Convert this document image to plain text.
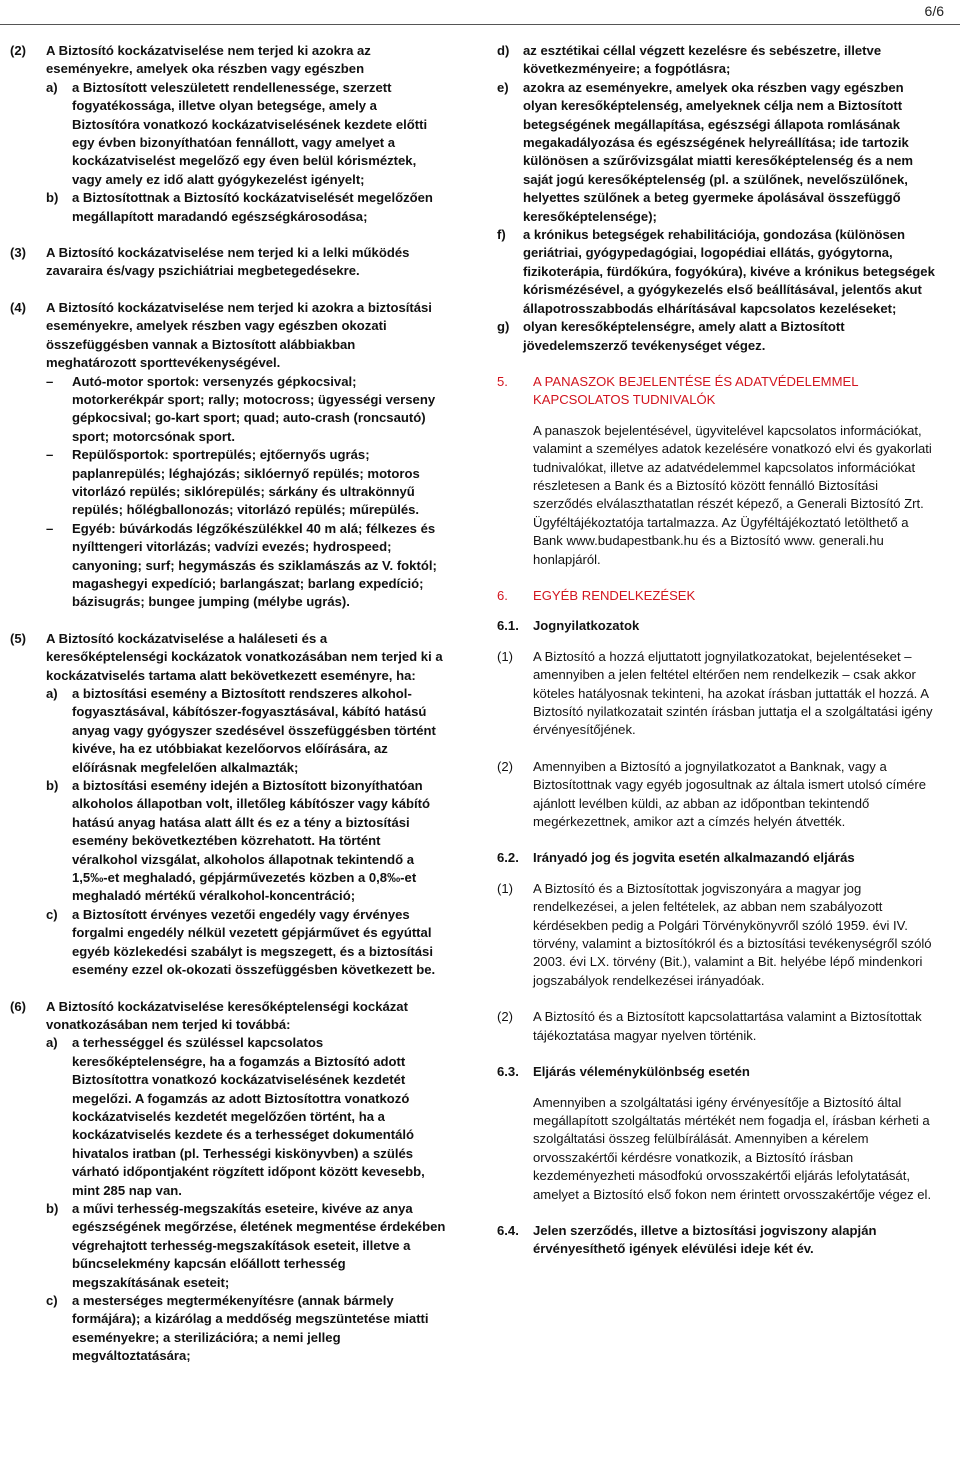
6/6
(2)	A Biztosító kockázatviselése nem terjed ki azokra az eseményekre, amelyek oka részben vagy egészben

a)	a Biztosított veleszületett rendellenessége, szerzett fogyatékossága, illetve olyan betegsége, amely a Biztosítóra vonatkozó kockázatviselésének kezdete előtti egy évben bizonyíthatóan fennállott, vagy amelyet a kockázatviselést megelőző egy éven belül kórisméztek, vagy amely ez idő alatt gyógykezelést igényelt;
b)	a Biztosítottnak a Biztosító kockázatviselését megelőzően megállapított maradandó egészségkárosodása;
(3)	A Biztosító kockázatviselése nem terjed ki a lelki működés zavaraira és/vagy pszichiátriai megbetegedésekre.

(4)	A Biztosító kockázatviselése nem terjed ki azokra a biztosítási eseményekre, amelyek részben vagy egészben okozati összefüggésben vannak a Biztosított alábbiakban meghatározott sporttevékenységével.

–	Autó-motor sportok: versenyzés gépkocsival; motorkerékpár sport; rally; motocross; ügyességi verseny gépkocsival; go-kart sport; quad; auto-crash (roncsautó) sport; motorcsónak sport.
–	Repülősportok: sportrepülés; ejtőernyős ugrás; paplanrepülés; léghajózás; siklóernyő repülés; motoros vitorlázó repülés; siklórepülés; sárkány és ultrakönnyű repülés; hőlégballonozás; vitorlázó repülés; műrepülés.
–	Egyéb: búvárkodás légzőkészülékkel 40 m alá; félkezes és nyílttengeri vitorlázás; vadvízi evezés; hydrospeed; canyoning; surf; hegymászás és sziklamászás az V. foktól; magashegyi expedíció; barlangászat; barlang expedíció; bázisugrás; bungee jumping (mélybe ugrás).
(5)	A Biztosító kockázatviselése a haláleseti és a keresőképtelenségi kockázatok vonatkozásában nem terjed ki a kockázatviselés tartama alatt bekövetkezett eseményre, ha:

a)	a biztosítási esemény a Biztosított rendszeres alkohol-fogyasztásával, kábítószer-fogyasztásával, kábító hatású anyag vagy gyógyszer szedésével összefüggésben történt kivéve, ha ez utóbbiakat kezelőorvos előírására, az előírásnak megfelelően alkalmazták;
b)	a biztosítási esemény idején a Biztosított bizonyíthatóan alkoholos állapotban volt, illetőleg kábítószer vagy kábító hatású anyag hatása alatt állt és ez a tény a biztosítási esemény bekövetkeztében közrehatott. Ha történt véralkohol vizsgálat, alkoholos állapotnak tekintendő a 1,5‰-et meghaladó, gépjárművezetés közben a 0,8‰-et meghaladó mértékű véralkohol-koncentráció;
c)	a Biztosított érvényes vezetői engedély vagy érvényes forgalmi engedély nélkül vezetett gépjárművet és egyúttal egyéb közlekedési szabályt is megszegett, és a biztosítási esemény ezzel ok-okozati összefüggésben következett be.
(6)	A Biztosító kockázatviselése keresőképtelenségi kockázat vonatkozásában nem terjed ki továbbá:

a)	a terhességgel és szüléssel kapcsolatos keresőképtelenségre, ha a fogamzás a Biztosító adott Biztosítottra vonatkozó kockázatviselésének kezdetét megelőzi. A fogamzás az adott Biztosítottra vonatkozó kockázatviselés kezdetét megelőzően történt, ha a kockázatviselés kezdete és a terhességet dokumentáló hivatalos iratban (pl. Terhességi kiskönyvben) a szülés várható időpontjaként rögzített időpont között kevesebb, mint 285 nap van.
b)	a művi terhesség-megszakítás eseteire, kivéve az anya egészségének megőrzése, életének megmentése érdekében végrehajtott terhesség-megszakítások eseteit, illetve a bűncselekmény kapcsán előállott terhesség megszakításának eseteit;
c)	a mesterséges megtermékenyítésre (annak bármely formájára); a kizárólag a meddőség megszüntetése miatti eseményekre; a sterilizációra; a nemi jelleg megváltoztatására;
d)	az esztétikai céllal végzett kezelésre és sebészetre, illetve következményeire; a fogpótlásra;
e)	azokra az eseményekre, amelyek oka részben vagy egészben olyan keresőképtelenség, amelyeknek célja nem a Biztosított betegségének megállapítása, egészségi állapota romlásának megakadályozása és egészségének helyreállítása; ide tartozik különösen a szűrővizsgálat miatti keresőképtelenség és a nem saját jogú keresőképtelenség (pl. a szülőnek, nevelőszülőnek, helyettes szülőnek a beteg gyermeke ápolásával összefüggő keresőképtelensége);
f)	a krónikus betegségek rehabilitációja, gondozása (különösen geriátriai, gyógypedagógiai, logopédiai ellátás, gyógytorna, fizikoterápia, fürdőkúra, fogyókúra), kivéve a krónikus betegségek kórismézésével, a gyógykezelés első beállításával, jelentős akut állapotrosszabbodás elhárításával kapcsolatos kezeléseket;
g)	olyan keresőképtelenségre, amely alatt a Biztosított jövedelemszerző tevékenységet végez.
5.	A PANASZOK BEJELENTÉSE ÉS ADATVÉDELEMMEL KAPCSOLATOS TUDNIVALÓK
A panaszok bejelentésével, ügyvitelével kapcsolatos információkat, valamint a személyes adatok kezelésére vonatkozó elvi és gyakorlati tudnivalókat, illetve az adatvédelemmel kapcsolatos információkat részletesen a Bank és a Biztosító között fennálló Biztosítási szerződés elválaszthatatlan részét képező, a Generali Biztosító Zrt. Ügyféltájékoztatója tartalmazza. Az Ügyféltájékoztató letölthető a Bank www.budapestbank.hu és a Biztosító www. generali.hu honlapjáról.
6.	EGYÉB RENDELKEZÉSEK
6.1.	Jognyilatkozatok
(1)	A Biztosító a hozzá eljuttatott jognyilatkozatokat, bejelentéseket – amennyiben a jelen feltétel eltérően nem rendelkezik – csak akkor köteles hatályosnak tekinteni, ha azokat írásban juttatták el hozzá. A Biztosító nyilatkozatait szintén írásban juttatja el a szolgáltatási igény érvényesítőjének.
(2)	Amennyiben a Biztosító a jognyilatkozatot a Banknak, vagy a Biztosítottnak vagy egyéb jogosultnak az általa ismert utolsó címére ajánlott levélben küldi, az abban az időpontban tekintendő megérkezettnek, amikor azt a címzés helyén átvették.
6.2.	Irányadó jog és jogvita esetén alkalmazandó eljárás
(1)	A Biztosító és a Biztosítottak jogviszonyára a magyar jog rendelkezései, a jelen feltételek, az abban nem szabályozott kérdésekben pedig a Polgári Törvénykönyvről szóló 1959. évi IV. törvény, valamint a biztosítókról és a biztosítási tevékenységről szóló 2003. évi LX. törvény (Bit.), valamint a Bit. helyébe lépő mindenkori jogszabályok rendelkezései irányadóak.
(2)	A Biztosító és a Biztosított kapcsolattartása valamint a Biztosítottak tájékoztatása magyar nyelven történik.
6.3.	Eljárás véleménykülönbség esetén
Amennyiben a szolgáltatási igény érvényesítője a Biztosító által megállapított szolgáltatás mértékét nem fogadja el, írásban kérheti a szolgáltatási összeg felülbírálását. Amennyiben a kérelem orvosszakértői kérdésre vonatkozik, a Biztosító írásban kezdeményezheti másodfokú orvosszakértői eljárás lefolytatását, amelyet a Biztosító első fokon nem érintett orvosszakértője végez el.
6.4.	Jelen szerződés, illetve a biztosítási jogviszony alapján érvényesíthető igények elévülési ideje két év.
